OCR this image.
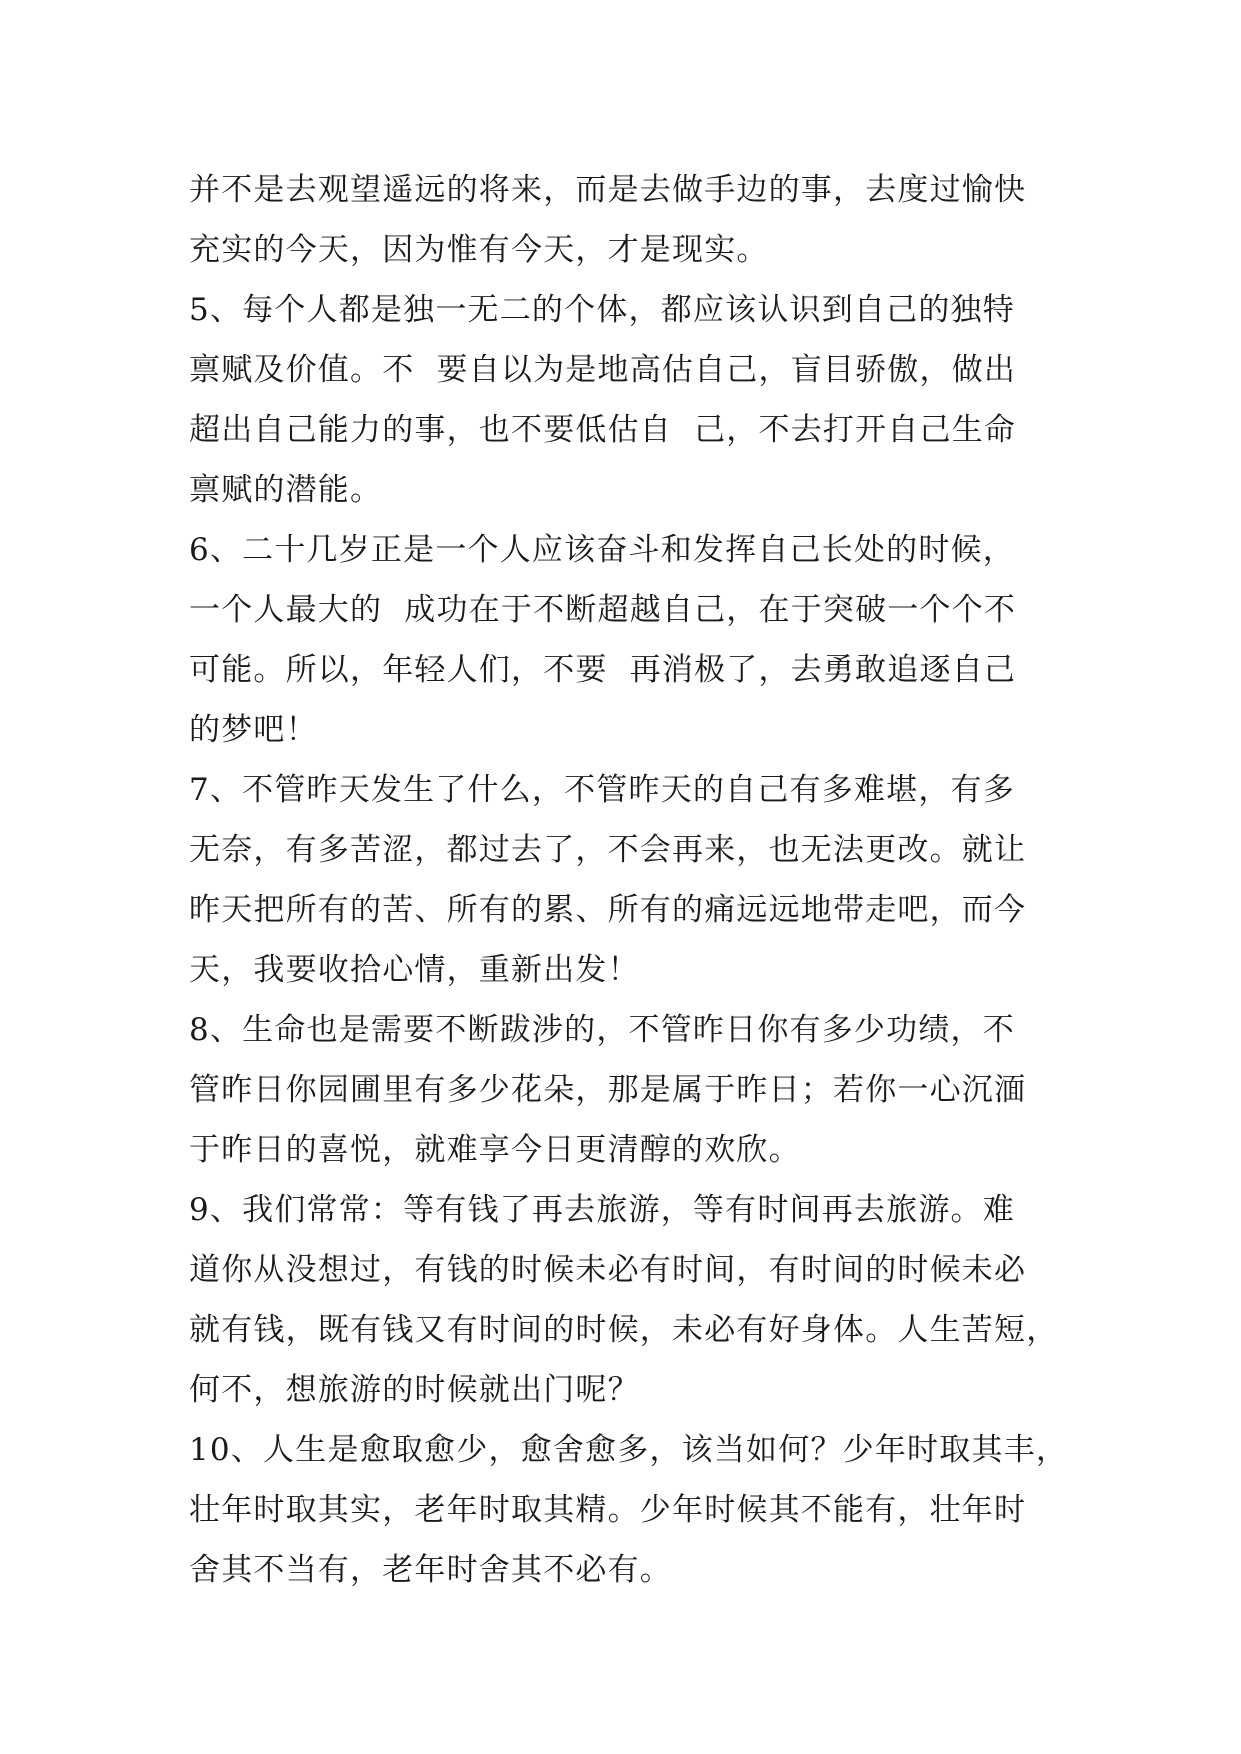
并不是去观望遥远的将来，而是去做手边的事，去度过愉快
充实的今天，因为惟有今天，才是现实。
5、每个人都是独一无二的个体，都应该认识到自己的独特
禀赋及价值。不  要自以为是地高估自己，盲目骄傲，做出
超出自己能力的事，也不要低估自  己，不去打开自己生命
禀赋的潜能。
6、二十几岁正是一个人应该奋斗和发挥自己长处的时候，
一个人最大的  成功在于不断超越自己，在于突破一个个不
可能。所以，年轻人们，不要  再消极了，去勇敢追逐自己
的梦吧！
7、不管昨天发生了什么，不管昨天的自己有多难堪，有多
无奈，有多苦涩，都过去了，不会再来，也无法更改。就让
昨天把所有的苦、所有的累、所有的痛远远地带走吧，而今
天，我要收拾心情，重新出发！
8、生命也是需要不断跋涉的，不管昨日你有多少功绩，不
管昨日你园圃里有多少花朵，那是属于昨日；若你一心沉湎
于昨日的喜悦，就难享今日更清醇的欢欣。
9、我们常常：等有钱了再去旅游，等有时间再去旅游。难
道你从没想过，有钱的时候未必有时间，有时间的时候未必
就有钱，既有钱又有时间的时候，未必有好身体。人生苦短，
何不，想旅游的时候就出门呢？
10、人生是愈取愈少，愈舍愈多，该当如何？少年时取其丰，
壮年时取其实，老年时取其精。少年时候其不能有，壮年时
舍其不当有，老年时舍其不必有。
